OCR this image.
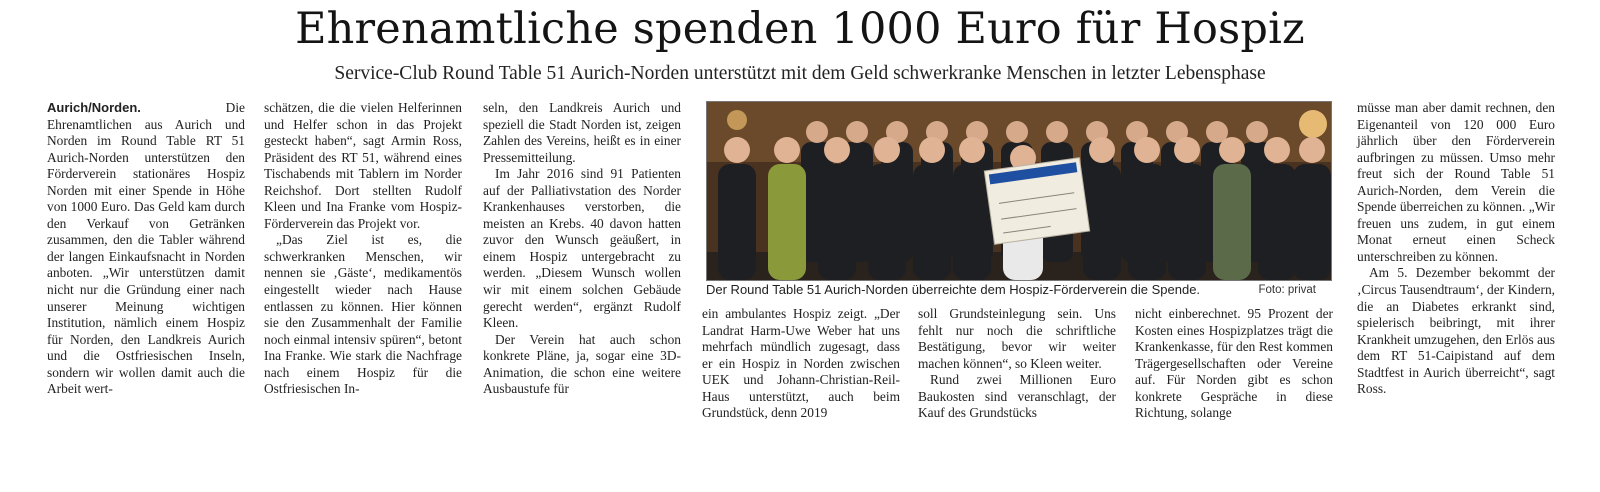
Ehrenamtliche spenden 1000 Euro für Hospiz
Service-Club Round Table 51 Aurich-Norden unterstützt mit dem Geld schwerkranke Menschen in letzter Lebensphase

Aurich/Norden. Die Ehrenamtlichen aus Aurich und Norden im Round Table RT 51 Aurich-Norden unterstützen den Förderverein stationäres Hospiz Norden mit einer Spende in Höhe von 1000 Euro. Das Geld kam durch den Verkauf von Getränken zusammen, den die Tabler während der langen Einkaufsnacht in Norden anboten. „Wir unterstützen damit nicht nur die Gründung einer nach unserer Meinung wichtigen Institution, nämlich einem Hospiz für Norden, den Landkreis Aurich und die Ostfriesischen Inseln, sondern wir wollen damit auch die Arbeit wert-

schätzen, die die vielen Helferinnen und Helfer schon in das Projekt gesteckt haben“, sagt Armin Ross, Präsident des RT 51, während eines Tischabends mit Tablern im Norder Reichshof. Dort stellten Rudolf Kleen und Ina Franke vom Hospiz-Förderverein das Projekt vor.

„Das Ziel ist es, die schwerkranken Menschen, wir nennen sie ‚Gäste‘, medikamentös eingestellt wieder nach Hause entlassen zu können. Hier können sie den Zusammenhalt der Familie noch einmal intensiv spüren“, betont Ina Franke. Wie stark die Nachfrage nach einem Hospiz für die Ostfriesischen In-

seln, den Landkreis Aurich und speziell die Stadt Norden ist, zeigen Zahlen des Vereins, heißt es in einer Pressemitteilung.

Im Jahr 2016 sind 91 Patienten auf der Palliativstation des Norder Krankenhauses verstorben, die meisten an Krebs. 40 davon hatten zuvor den Wunsch geäußert, in einem Hospiz untergebracht zu werden. „Diesem Wunsch wollen wir mit einem solchen Gebäude gerecht werden“, ergänzt Rudolf Kleen.

Der Verein hat auch schon konkrete Pläne, ja, sogar eine 3D-Animation, die schon eine weitere Ausbaustufe für

Der Round Table 51 Aurich-Norden überreichte dem Hospiz-Förderverein die Spende.	Foto: privat

ein ambulantes Hospiz zeigt. „Der Landrat Harm-Uwe Weber hat uns mehrfach mündlich zugesagt, dass er ein Hospiz in Norden zwischen UEK und Johann-Christian-Reil-Haus unterstützt, auch beim Grundstück, denn 2019

soll Grundsteinlegung sein. Uns fehlt nur noch die schriftliche Bestätigung, bevor wir weiter machen können“, so Kleen weiter.

Rund zwei Millionen Euro Baukosten sind veranschlagt, der Kauf des Grundstücks

nicht einberechnet. 95 Prozent der Kosten eines Hospizplatzes trägt die Krankenkasse, für den Rest kommen Trägergesellschaften oder Vereine auf. Für Norden gibt es schon konkrete Gespräche in diese Richtung, solange

müsse man aber damit rechnen, den Eigenanteil von 120 000 Euro jährlich über den Förderverein aufbringen zu müssen. Umso mehr freut sich der Round Table 51 Aurich-Norden, dem Verein die Spende überreichen zu können. „Wir freuen uns zudem, in gut einem Monat erneut einen Scheck unterschreiben zu können.

Am 5. Dezember bekommt der ‚Circus Tausendtraum‘, der Kindern, die an Diabetes erkrankt sind, spielerisch beibringt, mit ihrer Krankheit umzugehen, den Erlös aus dem RT 51-Caipistand auf dem Stadtfest in Aurich überreicht“, sagt Ross.
